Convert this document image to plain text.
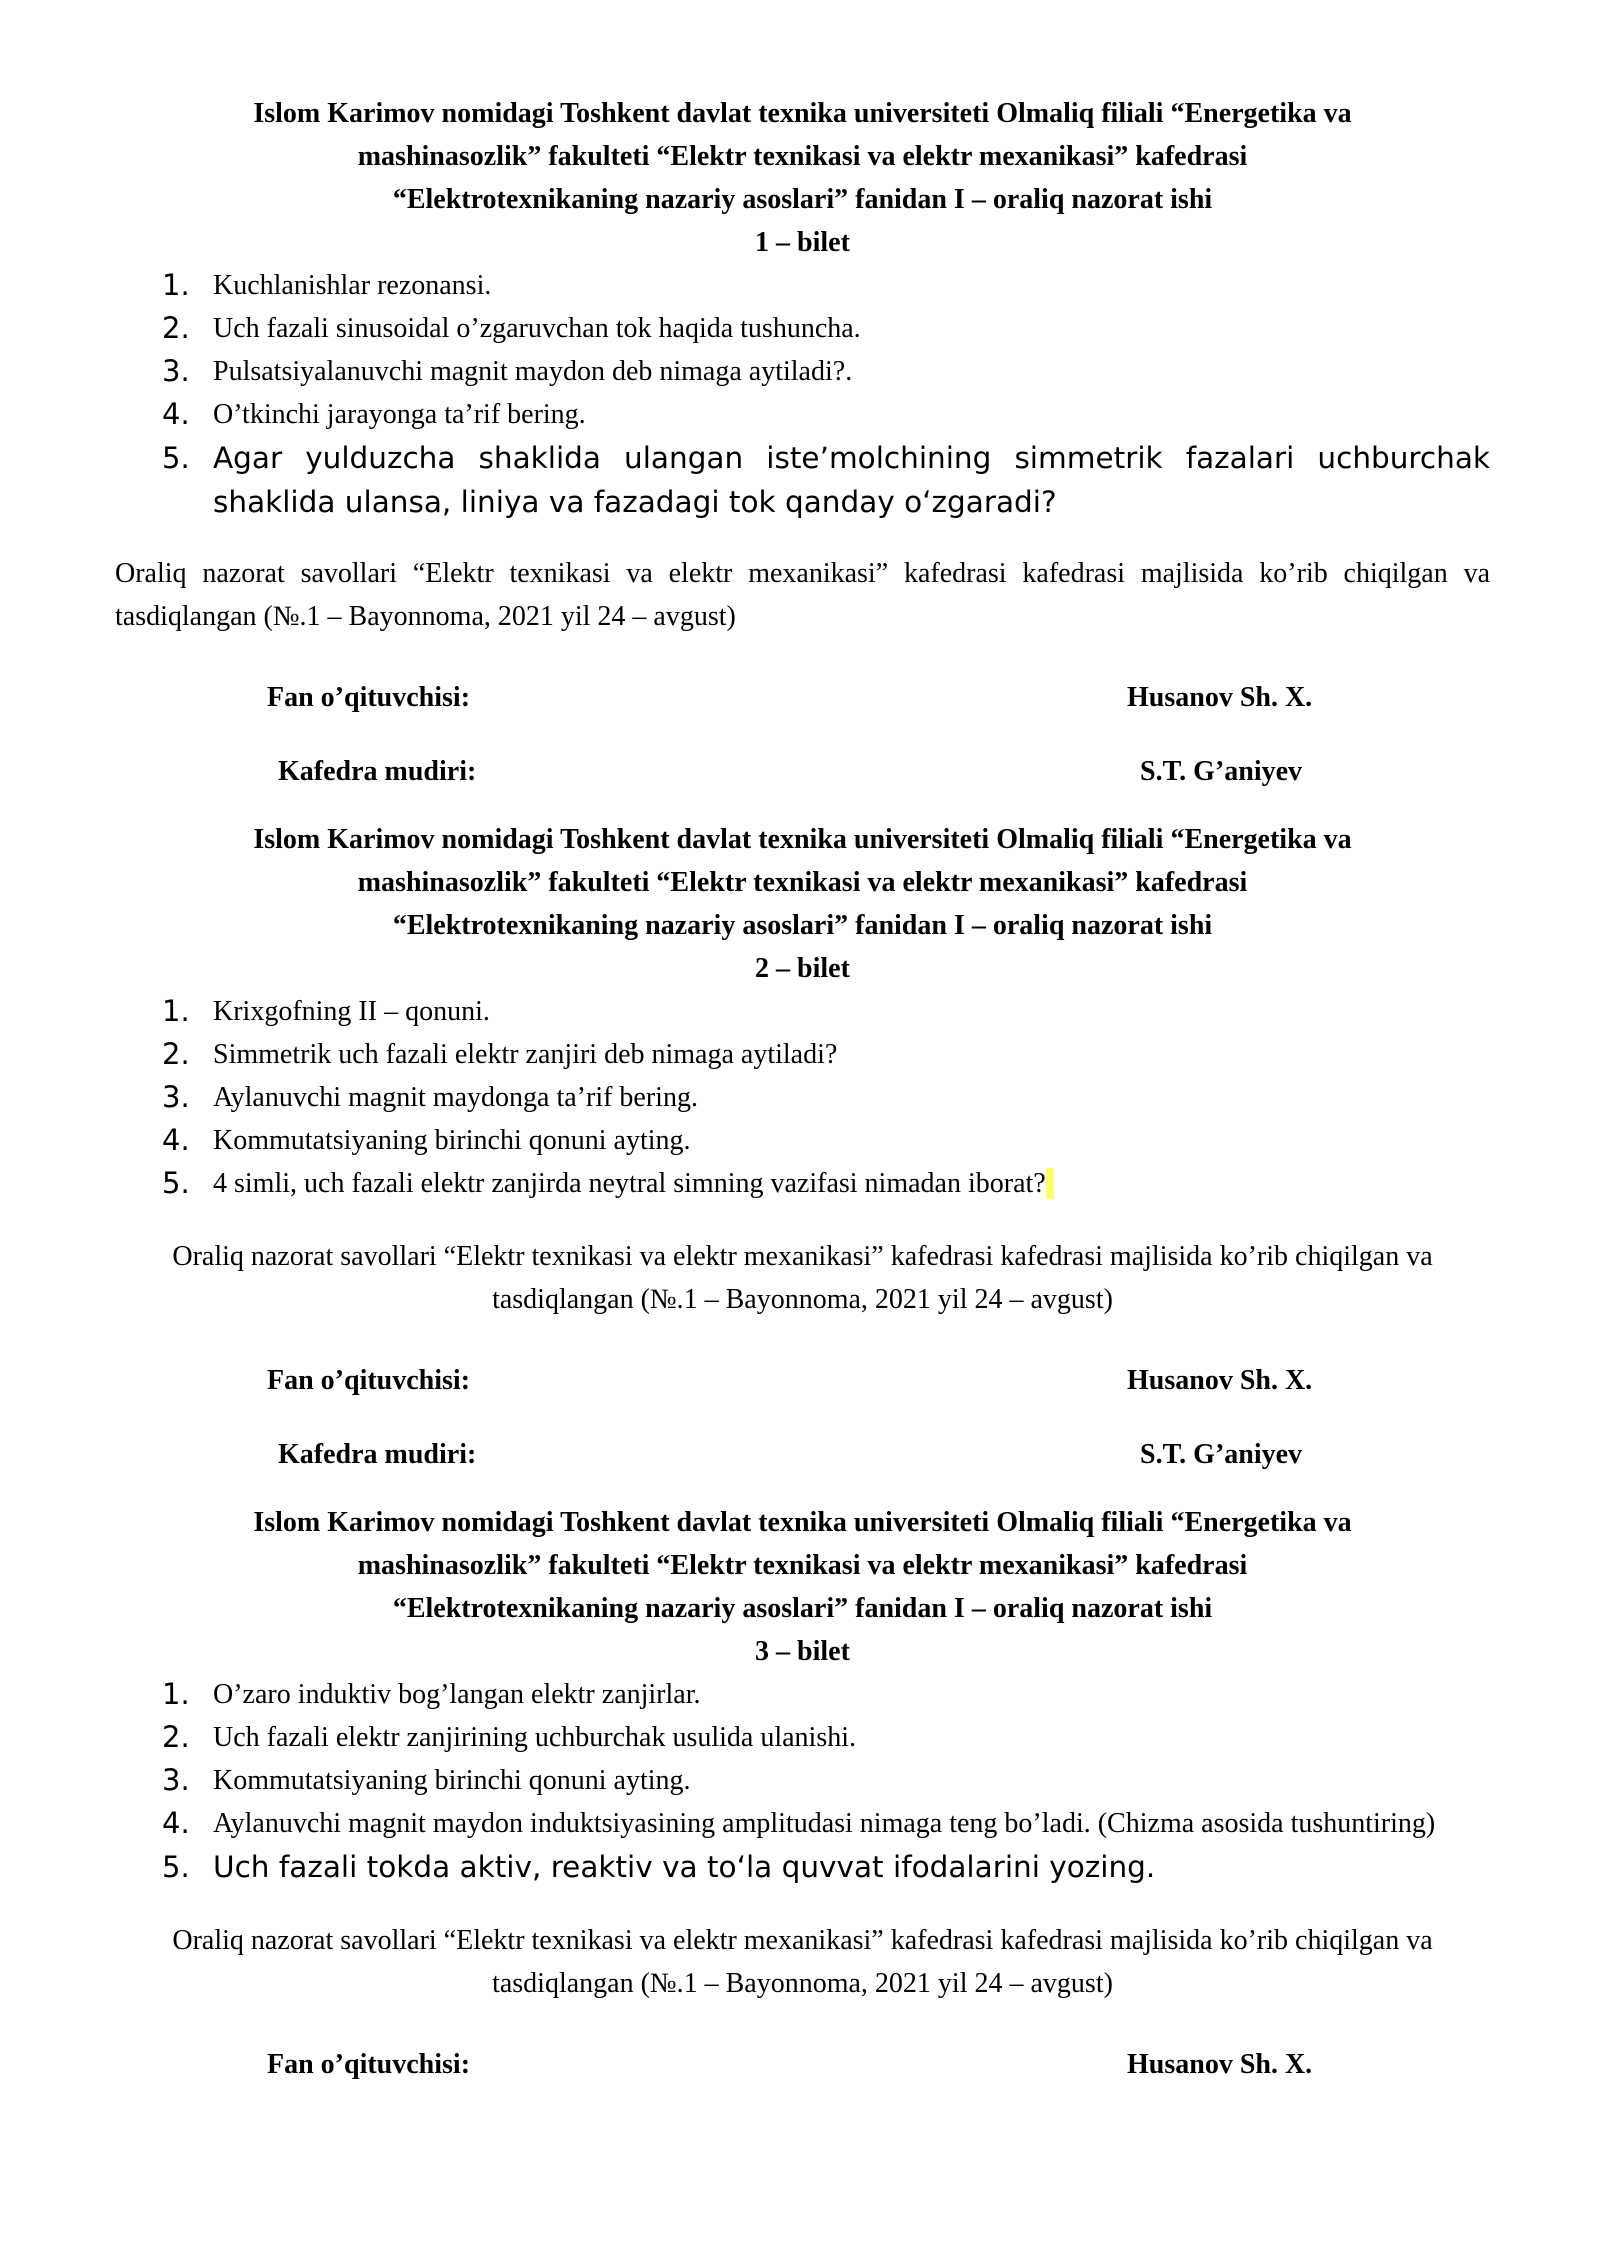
Islom Karimov nomidagi Toshkent davlat texnika universiteti Olmaliq filiali “Energetika va
mashinasozlik” fakulteti “Elektr texnikasi va elektr mexanikasi” kafedrasi
“Elektrotexnikaning nazariy asoslari” fanidan I – oraliq nazorat ishi
1 – bilet
1. Kuchlanishlar rezonansi.
2. Uch fazali sinusoidal o’zgaruvchan tok haqida tushuncha.
3. Pulsatsiyalanuvchi magnit maydon deb nimaga aytiladi?.
4. O’tkinchi jarayonga ta’rif bering.
5. Agar yulduzcha shaklida ulangan iste’molchining simmetrik fazalari uchburchak shaklida ulansa, liniya va fazadagi tok qanday oʻzgaradi?

Oraliq nazorat savollari “Elektr texnikasi va elektr mexanikasi” kafedrasi kafedrasi majlisida ko’rib chiqilgan va tasdiqlangan (№.1 – Bayonnoma, 2021 yil 24 – avgust)

Fan o’qituvchisi:	Husanov Sh. X.
Kafedra mudiri:	S.T. G’aniyev
Islom Karimov nomidagi Toshkent davlat texnika universiteti Olmaliq filiali “Energetika va
mashinasozlik” fakulteti “Elektr texnikasi va elektr mexanikasi” kafedrasi
“Elektrotexnikaning nazariy asoslari” fanidan I – oraliq nazorat ishi
2 – bilet
1. Krixgofning II – qonuni.
2. Simmetrik uch fazali elektr zanjiri deb nimaga aytiladi?
3. Aylanuvchi magnit maydonga ta’rif bering.
4. Kommutatsiyaning birinchi qonuni ayting.
5. 4 simli, uch fazali elektr zanjirda neytral simning vazifasi nimadan iborat?

Oraliq nazorat savollari “Elektr texnikasi va elektr mexanikasi” kafedrasi kafedrasi majlisida ko’rib chiqilgan va tasdiqlangan (№.1 – Bayonnoma, 2021 yil 24 – avgust)

Fan o’qituvchisi:	Husanov Sh. X.
Kafedra mudiri:	S.T. G’aniyev
Islom Karimov nomidagi Toshkent davlat texnika universiteti Olmaliq filiali “Energetika va
mashinasozlik” fakulteti “Elektr texnikasi va elektr mexanikasi” kafedrasi
“Elektrotexnikaning nazariy asoslari” fanidan I – oraliq nazorat ishi
3 – bilet
1. O’zaro induktiv bog’langan elektr zanjirlar.
2. Uch fazali elektr zanjirining uchburchak usulida ulanishi.
3. Kommutatsiyaning birinchi qonuni ayting.
4. Aylanuvchi magnit maydon induktsiyasining amplitudasi nimaga teng bo’ladi. (Chizma asosida tushuntiring)
5. Uch fazali tokda aktiv, reaktiv va toʻla quvvat ifodalarini yozing.

Oraliq nazorat savollari “Elektr texnikasi va elektr mexanikasi” kafedrasi kafedrasi majlisida ko’rib chiqilgan va tasdiqlangan (№.1 – Bayonnoma, 2021 yil 24 – avgust)

Fan o’qituvchisi:	Husanov Sh. X.
